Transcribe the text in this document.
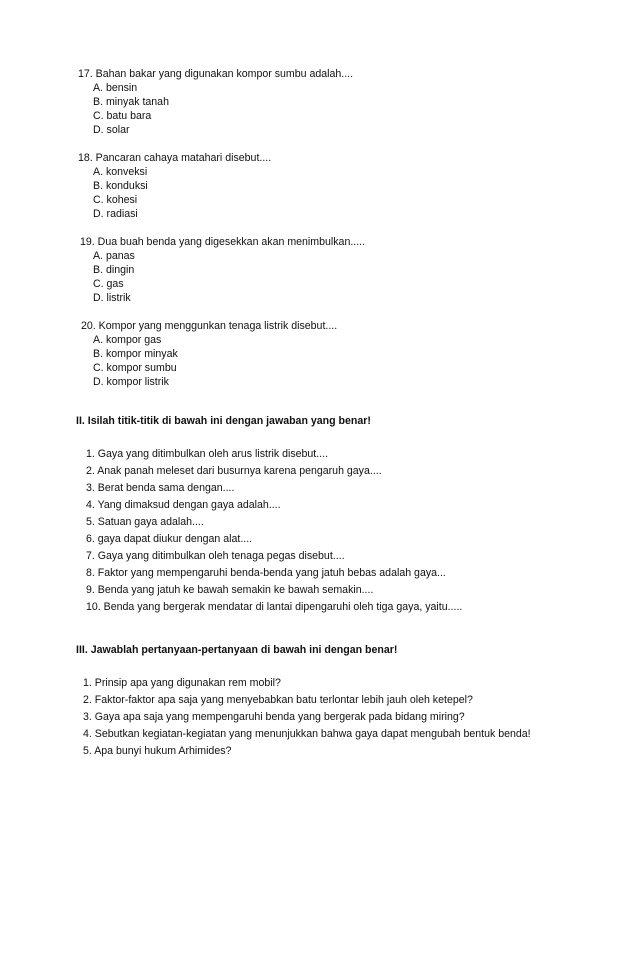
17. Bahan bakar yang digunakan kompor sumbu adalah....
A. bensin
B. minyak tanah
C. batu bara
D. solar
18. Pancaran cahaya matahari disebut....
A. konveksi
B. konduksi
C. kohesi
D. radiasi
19. Dua buah benda yang digesekkan akan menimbulkan.....
A. panas
B. dingin
C. gas
D. listrik
20. Kompor yang menggunkan tenaga listrik disebut....
A. kompor gas
B. kompor minyak
C. kompor sumbu
D. kompor listrik
II. Isilah titik-titik di bawah ini dengan jawaban yang benar!
1. Gaya yang ditimbulkan oleh arus listrik disebut....
2. Anak panah meleset dari busurnya karena pengaruh gaya....
3. Berat benda sama dengan....
4. Yang dimaksud dengan gaya adalah....
5. Satuan gaya adalah....
6. gaya dapat diukur dengan alat....
7. Gaya yang ditimbulkan oleh tenaga pegas disebut....
8. Faktor yang mempengaruhi benda-benda yang jatuh bebas adalah gaya...
9. Benda yang jatuh ke bawah semakin ke bawah semakin....
10. Benda yang bergerak mendatar di lantai dipengaruhi oleh tiga gaya, yaitu.....
III. Jawablah pertanyaan-pertanyaan di bawah ini dengan benar!
1. Prinsip apa yang digunakan rem mobil?
2. Faktor-faktor apa saja yang menyebabkan batu terlontar lebih jauh oleh ketepel?
3. Gaya apa saja yang mempengaruhi benda yang bergerak pada bidang miring?
4. Sebutkan kegiatan-kegiatan yang menunjukkan bahwa gaya dapat mengubah bentuk benda!
5. Apa bunyi hukum Arhimides?
